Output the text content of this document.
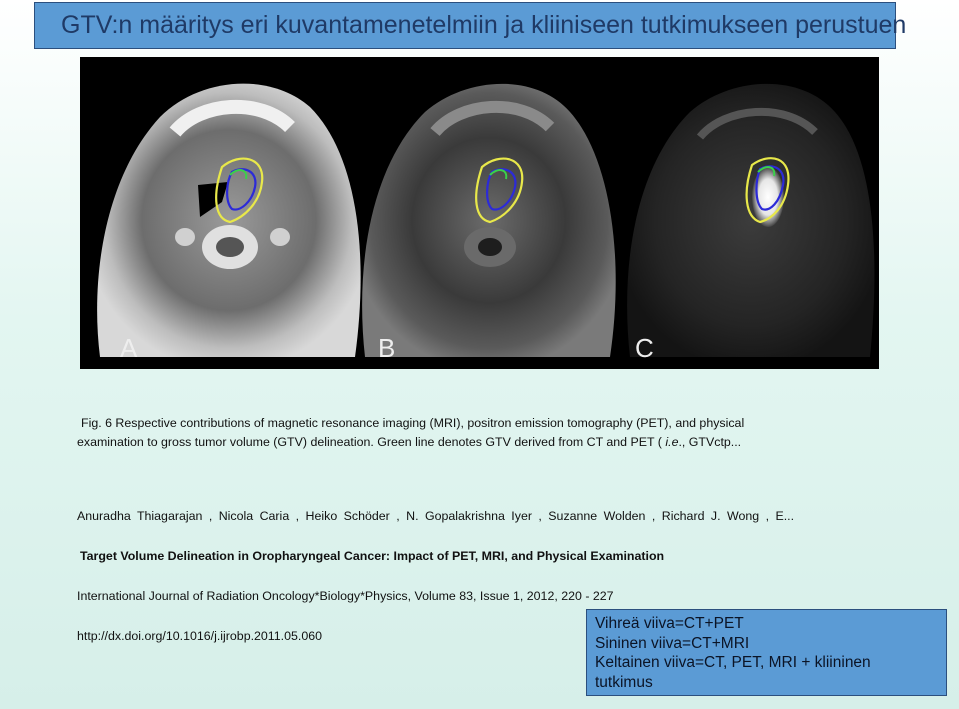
GTV:n määritys eri kuvantamenetelmiin ja kliiniseen tutkimukseen perustuen
A	B	C
Fig. 6 Respective contributions of magnetic resonance imaging (MRI), positron emission tomography (PET), and physical
examination to gross tumor volume (GTV) delineation. Green line denotes GTV derived from CT and PET ( i.e., GTVctp...
Anuradha Thiagarajan , Nicola Caria , Heiko Schöder , N. Gopalakrishna Iyer , Suzanne Wolden , Richard J. Wong , E...
Target Volume Delineation in Oropharyngeal Cancer: Impact of PET, MRI, and Physical Examination
International Journal of Radiation Oncology*Biology*Physics, Volume 83, Issue 1, 2012, 220 - 227
http://dx.doi.org/10.1016/j.ijrobp.2011.05.060
Vihreä viiva=CT+PET
Sininen viiva=CT+MRI
Keltainen viiva=CT, PET, MRI + kliininen
tutkimus
